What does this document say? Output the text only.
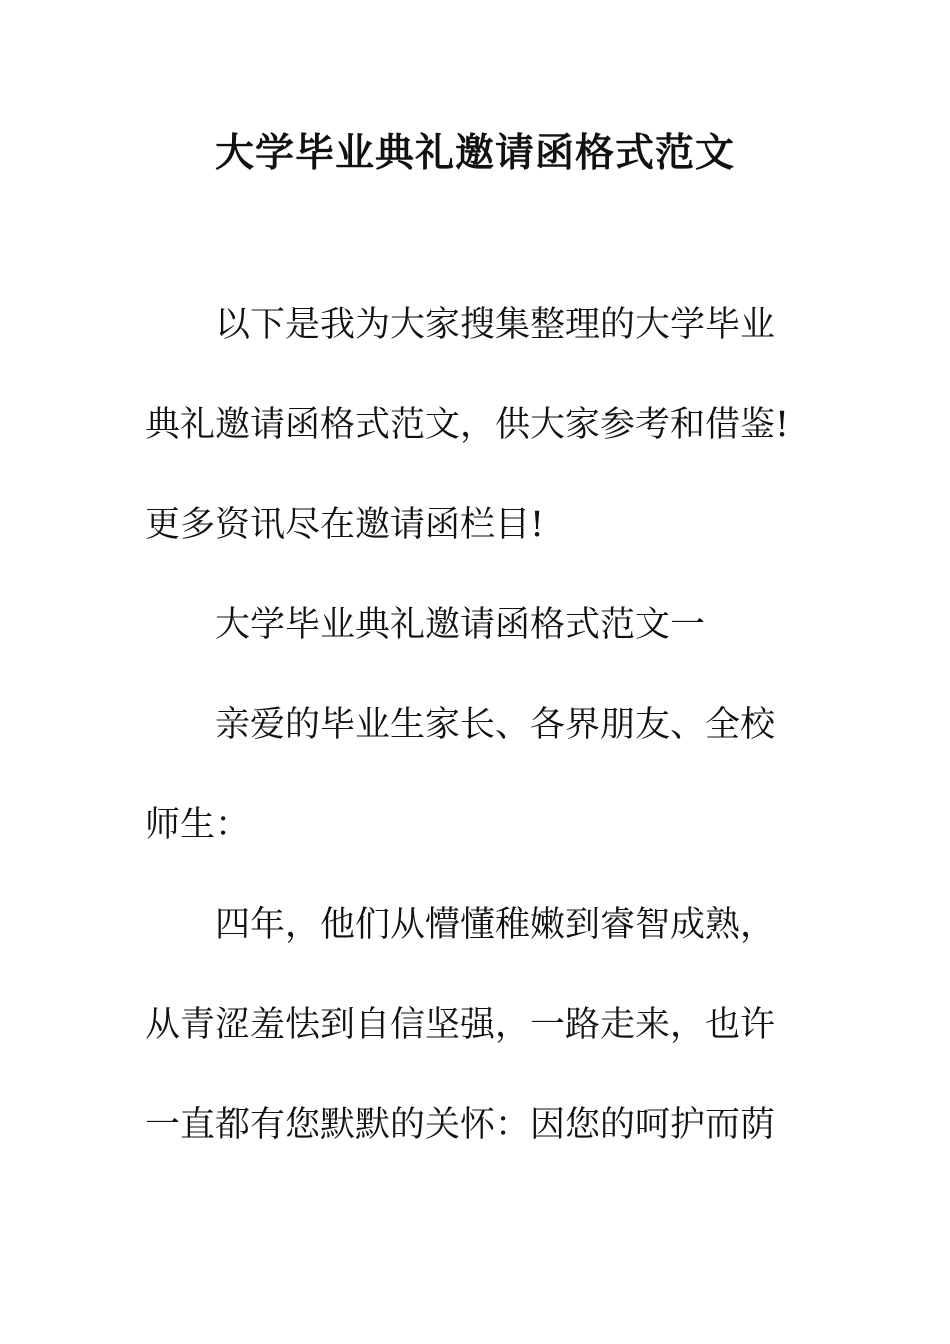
大学毕业典礼邀请函格式范文

以下是我为大家搜集整理的大学毕业

典礼邀请函格式范文，供大家参考和借鉴!

更多资讯尽在邀请函栏目!

大学毕业典礼邀请函格式范文一

亲爱的毕业生家长、各界朋友、全校

师生：

四年，他们从懵懂稚嫩到睿智成熟，

从青涩羞怯到自信坚强，一路走来，也许

一直都有您默默的关怀：因您的呵护而荫
